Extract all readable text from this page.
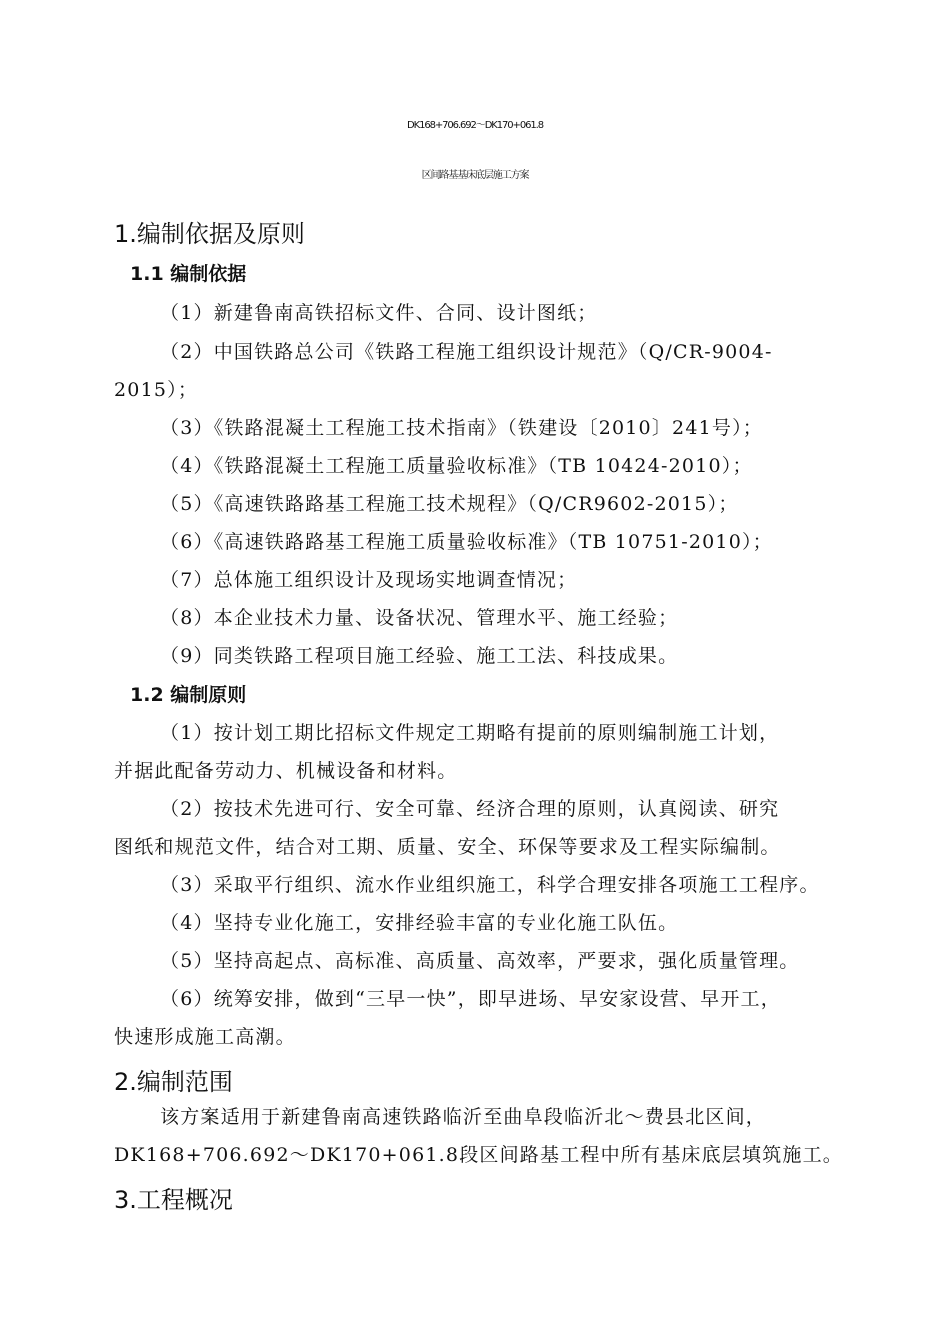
DK168+706.692～DK170+061.8
区间路基基床底层施工方案
1.编制依据及原则
1.1 编制依据
（1）新建鲁南高铁招标文件、合同、设计图纸；
（2）中国铁路总公司《铁路工程施工组织设计规范》（Q/CR-9004-
2015）；
（3）《铁路混凝土工程施工技术指南》（铁建设〔2010〕241号）；
（4）《铁路混凝土工程施工质量验收标准》（TB 10424-2010）；
（5）《高速铁路路基工程施工技术规程》（Q/CR9602-2015）；
（6）《高速铁路路基工程施工质量验收标准》（TB 10751-2010）；
（7）总体施工组织设计及现场实地调查情况；
（8）本企业技术力量、设备状况、管理水平、施工经验；
（9）同类铁路工程项目施工经验、施工工法、科技成果。
1.2 编制原则
（1）按计划工期比招标文件规定工期略有提前的原则编制施工计划，
并据此配备劳动力、机械设备和材料。
（2）按技术先进可行、安全可靠、经济合理的原则，认真阅读、研究
图纸和规范文件，结合对工期、质量、安全、环保等要求及工程实际编制。
（3）采取平行组织、流水作业组织施工，科学合理安排各项施工工程序。
（4）坚持专业化施工，安排经验丰富的专业化施工队伍。
（5）坚持高起点、高标准、高质量、高效率，严要求，强化质量管理。
（6）统筹安排，做到“三早一快”，即早进场、早安家设营、早开工，
快速形成施工高潮。
2.编制范围
该方案适用于新建鲁南高速铁路临沂至曲阜段临沂北～费县北区间，
DK168+706.692～DK170+061.8段区间路基工程中所有基床底层填筑施工。
3.工程概况
